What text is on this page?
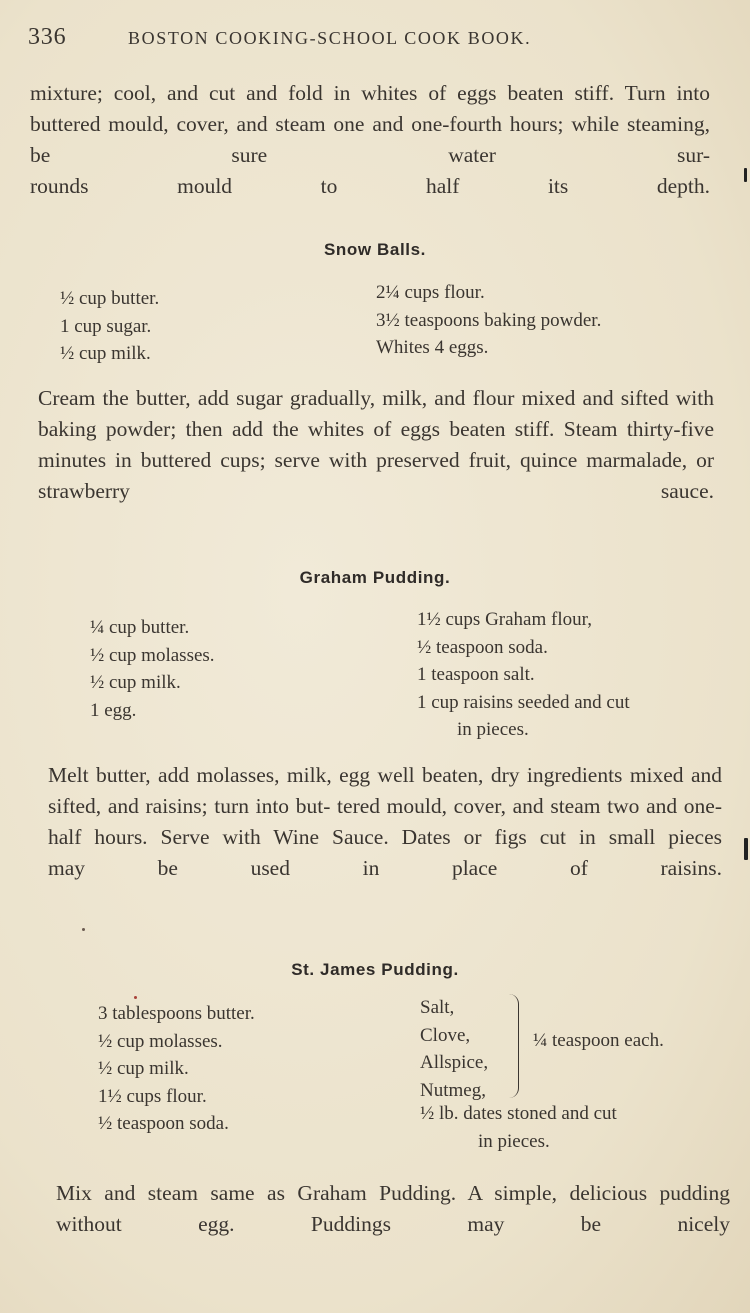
336	BOSTON COOKING-SCHOOL COOK BOOK.

mixture; cool, and cut and fold in whites of eggs beaten stiff. Turn into buttered mould, cover, and steam one and one-fourth hours; while steaming, be sure water sur-
rounds mould to half its depth.

Snow Balls.
½ cup butter.
1 cup sugar.
½ cup milk.
2¼ cups flour.
3½ teaspoons baking powder.
Whites 4 eggs.

Cream the butter, add sugar gradually, milk, and flour mixed and sifted with baking powder; then add the whites of eggs beaten stiff. Steam thirty-five minutes in buttered cups; serve with preserved fruit, quince marmalade, or
strawberry sauce.

Graham Pudding.
¼ cup butter.
½ cup molasses.
½ cup milk.
1 egg.
1½ cups Graham flour,
½ teaspoon soda.
1 teaspoon salt.
1 cup raisins seeded and cut
in pieces.

Melt butter, add molasses, milk, egg well beaten, dry ingredients mixed and sifted, and raisins; turn into but- tered mould, cover, and steam two and one-half hours. Serve with Wine Sauce. Dates or figs cut in small pieces
may be used in place of raisins.

St. James Pudding.
3 tablespoons butter.
½ cup molasses.
½ cup milk.
1½ cups flour.
½ teaspoon soda.
Salt,
Clove,
Allspice,
Nutmeg,
¼ teaspoon each.
½ lb. dates stoned and cut
in pieces.

Mix and steam same as Graham Pudding. A simple, delicious pudding without egg. Puddings may be nicely
